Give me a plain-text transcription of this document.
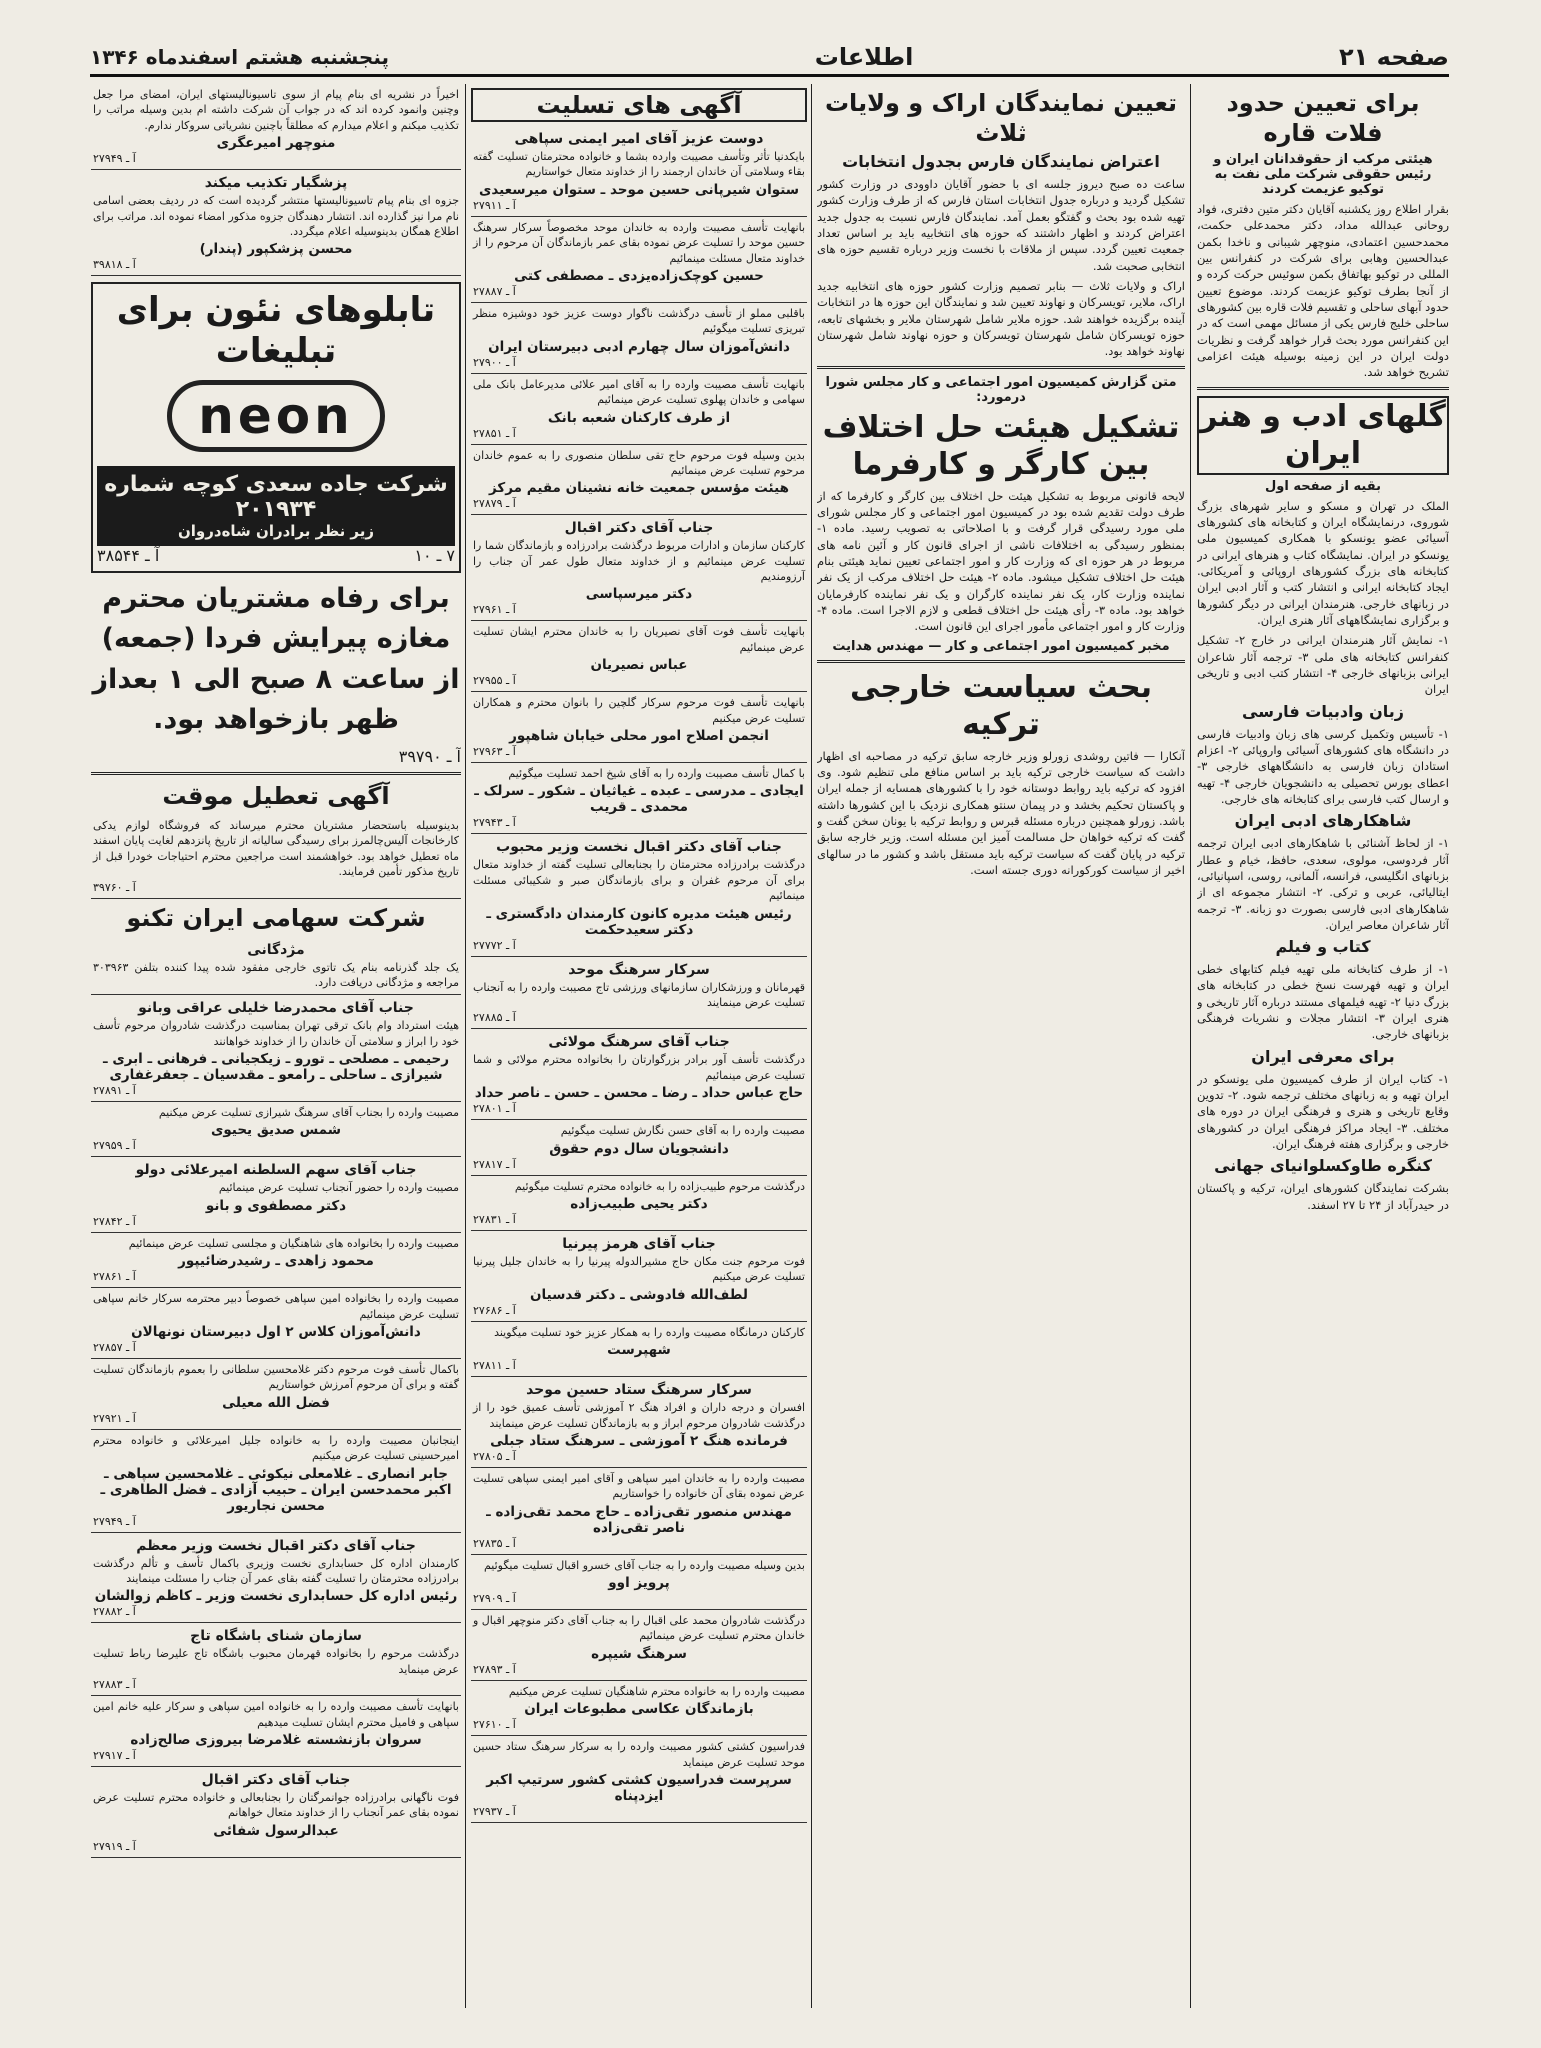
صفحه ۲۱
اطلاعات
پنجشنبه هشتم اسفندماه ۱۳۴۶
برای تعیین حدود فلات قاره
هیئتی مرکب از حقوقدانان ایران و رئیس حقوقی شرکت ملی نفت به توکیو عزیمت کردند

بقرار اطلاع روز یکشنبه آقایان دکتر متین دفتری، فواد روحانی عبدالله مداد، دکتر محمدعلی حکمت، محمدحسین اعتمادی، منوچهر شیبانی و ناخدا بکمن عبدالحسین وهابی برای شرکت در کنفرانس بین المللی در توکیو بهاتفاق بکمن سوئیس حرکت کرده و از آنجا بطرف توکیو عزیمت کردند. موضوع تعیین حدود آبهای ساحلی و تقسیم فلات قاره بین کشورهای ساحلی خلیج فارس یکی از مسائل مهمی است که در این کنفرانس مورد بحث قرار خواهد گرفت و نظریات دولت ایران در این زمینه بوسیله هیئت اعزامی تشریح خواهد شد.

گلهای ادب و هنر ایران
بقیه از صفحه اول

الملک در تهران و مسکو و سایر شهرهای بزرگ شوروی، درنمایشگاه ایران و کتابخانه های کشورهای آسیائی عضو یونسکو با همکاری کمیسیون ملی یونسکو در ایران. نمایشگاه کتاب و هنرهای ایرانی در کتابخانه های بزرگ کشورهای اروپائی و آمریکائی. ایجاد کتابخانه ایرانی و انتشار کتب و آثار ادبی ایران در زبانهای خارجی. هنرمندان ایرانی در دیگر کشورها و برگزاری نمایشگاههای آثار هنری ایران.

۱- نمایش آثار هنرمندان ایرانی در خارج ۲- تشکیل کنفرانس کتابخانه های ملی ۳- ترجمه آثار شاعران ایرانی بزبانهای خارجی ۴- انتشار کتب ادبی و تاریخی ایران

زبان وادبیات فارسی

۱- تأسیس وتکمیل کرسی های زبان وادبیات فارسی در دانشگاه های کشورهای آسیائی واروپائی ۲- اعزام استادان زبان فارسی به دانشگاههای خارجی ۳- اعطای بورس تحصیلی به دانشجویان خارجی ۴- تهیه و ارسال کتب فارسی برای کتابخانه های خارجی.

شاهکارهای ادبی ایران

۱- از لحاظ آشنائی با شاهکارهای ادبی ایران ترجمه آثار فردوسی، مولوی، سعدی، حافظ، خیام و عطار بزبانهای انگلیسی، فرانسه، آلمانی، روسی، اسپانیائی، ایتالیائی، عربی و ترکی. ۲- انتشار مجموعه ای از شاهکارهای ادبی فارسی بصورت دو زبانه. ۳- ترجمه آثار شاعران معاصر ایران.

کتاب و فیلم

۱- از طرف کتابخانه ملی تهیه فیلم کتابهای خطی ایران و تهیه فهرست نسخ خطی در کتابخانه های بزرگ دنیا ۲- تهیه فیلمهای مستند درباره آثار تاریخی و هنری ایران ۳- انتشار مجلات و نشریات فرهنگی بزبانهای خارجی.

برای معرفی ایران

۱- کتاب ایران از طرف کمیسیون ملی یونسکو در ایران تهیه و به زبانهای مختلف ترجمه شود. ۲- تدوین وقایع تاریخی و هنری و فرهنگی ایران در دوره های مختلف. ۳- ایجاد مراکز فرهنگی ایران در کشورهای خارجی و برگزاری هفته فرهنگ ایران.

کنگره طاوکسلوانیای جهانی

بشرکت نمایندگان کشورهای ایران، ترکیه و پاکستان در حیدرآباد از ۲۴ تا ۲۷ اسفند.

تعیین نمایندگان اراک و ولایات ثلاث
اعتراض نمایندگان فارس بجدول انتخابات

ساعت ده صبح دیروز جلسه ای با حضور آقایان داوودی در وزارت کشور تشکیل گردید و درباره جدول انتخابات استان فارس که از طرف وزارت کشور تهیه شده بود بحث و گفتگو بعمل آمد. نمایندگان فارس نسبت به جدول جدید اعتراض کردند و اظهار داشتند که حوزه های انتخابیه باید بر اساس تعداد جمعیت تعیین گردد. سپس از ملاقات با نخست وزیر درباره تقسیم حوزه های انتخابی صحبت شد.

اراک و ولایات ثلاث — بنابر تصمیم وزارت کشور حوزه های انتخابیه جدید اراک، ملایر، تویسرکان و نهاوند تعیین شد و نمایندگان این حوزه ها در انتخابات آینده برگزیده خواهند شد. حوزه ملایر شامل شهرستان ملایر و بخشهای تابعه، حوزه تویسرکان شامل شهرستان تویسرکان و حوزه نهاوند شامل شهرستان نهاوند خواهد بود.

متن گزارش کمیسیون امور اجتماعی و کار مجلس شورا درمورد:
تشکیل هیئت حل اختلاف بین کارگر و کارفرما

لایحه قانونی مربوط به تشکیل هیئت حل اختلاف بین کارگر و کارفرما که از طرف دولت تقدیم شده بود در کمیسیون امور اجتماعی و کار مجلس شورای ملی مورد رسیدگی قرار گرفت و با اصلاحاتی به تصویب رسید. ماده ۱- بمنظور رسیدگی به اختلافات ناشی از اجرای قانون کار و آئین نامه های مربوط در هر حوزه ای که وزارت کار و امور اجتماعی تعیین نماید هیئتی بنام هیئت حل اختلاف تشکیل میشود. ماده ۲- هیئت حل اختلاف مرکب از یک نفر نماینده وزارت کار، یک نفر نماینده کارگران و یک نفر نماینده کارفرمایان خواهد بود. ماده ۳- رأی هیئت حل اختلاف قطعی و لازم الاجرا است. ماده ۴- وزارت کار و امور اجتماعی مأمور اجرای این قانون است.

مخبر کمیسیون امور اجتماعی و کار — مهندس هدایت
بحث سیاست خارجی ترکیه

آنکارا — فاتین روشدی زورلو وزیر خارجه سابق ترکیه در مصاحبه ای اظهار داشت که سیاست خارجی ترکیه باید بر اساس منافع ملی تنظیم شود. وی افزود که ترکیه باید روابط دوستانه خود را با کشورهای همسایه از جمله ایران و پاکستان تحکیم بخشد و در پیمان سنتو همکاری نزدیک با این کشورها داشته باشد. زورلو همچنین درباره مسئله قبرس و روابط ترکیه با یونان سخن گفت و گفت که ترکیه خواهان حل مسالمت آمیز این مسئله است. وزیر خارجه سابق ترکیه در پایان گفت که سیاست ترکیه باید مستقل باشد و کشور ما در سالهای اخیر از سیاست کورکورانه دوری جسته است.

آگهی های تسلیت
دوست عزیز آقای امیر ایمنی سپاهی
بایکدنیا تأثر وتأسف مصیبت وارده بشما و خانواده محترمتان تسلیت گفته بقاء وسلامتی آن خاندان ارجمند را از خداوند متعال خواستاریم
ستوان شیرپانی‌ حسین موحد ـ ستوان میرسعیدی
آ ـ ۲۷۹۱۱
بانهایت تأسف مصیبت وارده به خاندان موحد مخصوصاً سرکار سرهنگ حسین موحد را تسلیت عرض نموده بقای عمر بازماندگان آن مرحوم را از خداوند متعال مسئلت مینمائیم
حسین کوچک‌زاده‌یزدی ـ مصطفی کتی
آ ـ ۲۷۸۸۷
باقلبی مملو از تأسف درگذشت ناگوار دوست عزیز خود دوشیزه منظر تبریزی تسلیت میگوئیم
دانش‌آموزان سال چهارم ادبی دبیرستان ایران
آ ـ ۲۷۹۰۰
بانهایت تأسف مصیبت وارده را به آقای امیر علائی مدیرعامل بانک ملی سهامی و خاندان پهلوی تسلیت عرض مینمائیم
از طرف کارکنان شعبه بانک
آ ـ ۲۷۸۵۱
بدین وسیله فوت مرحوم حاج تقی سلطان منصوری را به عموم خاندان مرحوم تسلیت عرض مینمائیم
هیئت مؤسس جمعیت خانه نشینان مقیم مرکز
آ ـ ۲۷۸۷۹
جناب آقای دکتر اقبال
کارکنان سازمان و ادارات مربوط درگذشت برادرزاده و بازماندگان شما را تسلیت عرض مینمائیم و از خداوند متعال طول عمر آن جناب را آرزومندیم
دکتر میرسپاسی
آ ـ ۲۷۹۶۱
بانهایت تأسف فوت آقای نصیریان را به خاندان محترم ایشان تسلیت عرض مینمائیم
عباس نصیریان
آ ـ ۲۷۹۵۵
بانهایت تأسف فوت مرحوم سرکار گلچین را بانوان محترم و همکاران تسلیت عرض میکنیم
انجمن اصلاح امور محلی خیابان شاهپور
آ ـ ۲۷۹۶۳
با کمال تأسف مصیبت وارده را به آقای شیخ احمد تسلیت میگوئیم
ایجادی ـ مدرسی ـ عبده ـ غیاثیان ـ شکور ـ سرلک ـ محمدی ـ قریب
آ ـ ۲۷۹۴۳
جناب آقای دکتر اقبال نخست وزیر محبوب
درگذشت برادرزاده محترمتان را بجنابعالی تسلیت گفته از خداوند متعال برای آن مرحوم غفران و برای بازماندگان صبر و شکیبائی مسئلت مینمائیم
رئیس هیئت مدیره کانون کارمندان دادگستری ـ دکتر سعیدحکمت
آ ـ ۲۷۷۷۲
سرکار سرهنگ موحد
قهرمانان و ورزشکاران سازمانهای ورزشی تاج مصیبت وارده را به آنجناب تسلیت عرض مینمایند
آ ـ ۲۷۸۸۵
جناب آقای سرهنگ مولائی
درگذشت تأسف آور برادر بزرگوارتان را بخانواده محترم مولائی و شما تسلیت عرض مینمائیم
حاج عباس حداد ـ رضا ـ محسن ـ حسن ـ ناصر حداد
آ ـ ۲۷۸۰۱
مصیبت وارده را به آقای حسن نگارش تسلیت میگوئیم
دانشجویان سال دوم حقوق
آ ـ ۲۷۸۱۷
درگذشت مرحوم طبیب‌زاده را به خانواده محترم تسلیت میگوئیم
دکتر یحیی طبیب‌زاده
آ ـ ۲۷۸۳۱
جناب آقای هرمز پیرنیا
فوت مرحوم جنت مکان حاج مشیرالدوله پیرنیا را به خاندان جلیل پیرنیا تسلیت عرض میکنیم
لطف‌الله فادوشی ـ دکتر قدسیان
آ ـ ۲۷۶۸۶
کارکنان درمانگاه مصیبت وارده را به همکار عزیز خود تسلیت میگویند
شهپرست
آ ـ ۲۷۸۱۱
سرکار سرهنگ ستاد حسین موحد
افسران و درجه داران و افراد هنگ ۲ آموزشی تأسف عمیق خود را از درگذشت شادروان مرحوم ابراز و به بازماندگان تسلیت عرض مینمایند
فرمانده هنگ ۲ آموزشی ـ سرهنگ ستاد جبلی
آ ـ ۲۷۸۰۵
مصیبت وارده را به خاندان امیر سپاهی و آقای امیر ایمنی سپاهی تسلیت عرض نموده بقای آن خانواده را خواستاریم
مهندس منصور تقی‌زاده ـ حاج محمد تقی‌زاده ـ ناصر تقی‌زاده
آ ـ ۲۷۸۳۵
بدین وسیله مصیبت وارده را به جناب آقای خسرو اقبال تسلیت میگوئیم
پرویز اوو
آ ـ ۲۷۹۰۹
درگذشت شادروان محمد علی اقبال را به جناب آقای دکتر منوچهر اقبال و خاندان محترم تسلیت عرض مینمائیم
سرهنگ شیپره
آ ـ ۲۷۸۹۳
مصیبت وارده را به خانواده محترم شاهنگیان تسلیت عرض میکنیم
بازماندگان عکاسی مطبوعات ایران
آ ـ ۲۷۶۱۰
فدراسیون کشتی کشور مصیبت وارده را به سرکار سرهنگ ستاد حسین موحد تسلیت عرض مینماید
سرپرست فدراسیون کشتی کشور سرتیپ اکبر ایزدپناه
آ ـ ۲۷۹۳۷
اخیراً در نشریه ای بنام پیام از سوی تاسیونالیستهای ایران، امضای مرا جعل وچنین وانمود کرده اند که در جواب آن شرکت داشته ام بدین وسیله مراتب را تکذیب میکنم و اعلام میدارم که مطلقاً باچنین نشریاتی سروکار ندارم.
منوچهر امیرعگری
آ ـ ۲۷۹۴۹
پزشگیار تکذیب میکند
جزوه ای بنام پیام تاسیونالیستها منتشر گردیده است که در ردیف بعضی اسامی نام مرا نیز گذارده اند. انتشار دهندگان جزوه مذکور امضاء نموده اند. مراتب برای اطلاع همگان بدینوسیله اعلام میگردد.
محسن پزشکپور (پندار)
آ ـ ۳۹۸۱۸
تابلوهای نئون برای تبلیغات
neon
شرکت جاده سعدی کوچه شماره ۲۰۱۹۳۴
زیر نظر برادران شاه‌دروان
۷ ـ ۱۰
آ ـ ۳۸۵۴۴
برای رفاه مشتریان محترم مغازه پیرایش فردا (جمعه) از ساعت ۸ صبح الی ۱ بعداز ظهر بازخواهد بود.
آ ـ ۳۹۷۹۰
آگهی تعطیل موقت
بدینوسیله باستحضار مشتریان محترم میرساند که فروشگاه لوازم یدکی کارخانجات آلیس‌چالمرز برای رسیدگی سالیانه از تاریخ پانزدهم لغایت پایان اسفند ماه تعطیل خواهد بود. خواهشمند است مراجعین محترم احتیاجات خودرا قبل از تاریخ مذکور تأمین فرمایند.
آ ـ ۳۹۷۶۰
شرکت سهامی ایران تکنو
مژدگانی
یک جلد گذرنامه بنام یک تاتوی خارجی مفقود شده پیدا کننده بتلفن ۳۰۳۹۶۳ مراجعه و مژدگانی دریافت دارد.
جناب آقای محمدرضا خلیلی عراقی وبانو
هیئت استرداد وام بانک ترقی تهران بمناسبت درگذشت شادروان مرحوم تأسف خود را ابراز و سلامتی آن خاندان را از خداوند خواهانند
رحیمی ـ مصلحی ـ تورو ـ زیکجیانی ـ فرهانی ـ ابری ـ شیرازی ـ ساحلی ـ رامعو ـ مقدسیان ـ جعفرغفاری
آ ـ ۲۷۸۹۱
مصیبت وارده را بجناب آقای سرهنگ شیرازی تسلیت عرض میکنیم
شمس صدیق یحیوی
آ ـ ۲۷۹۵۹
جناب آقای سهم السلطنه امیرعلائی دولو
مصیبت وارده را حضور آنجناب تسلیت عرض مینمائیم
دکتر مصطفوی و بانو
آ ـ ۲۷۸۴۲
مصیبت وارده را بخانواده های شاهنگیان و مجلسی تسلیت عرض مینمائیم
محمود زاهدی ـ رشیدرضائیپور
آ ـ ۲۷۸۶۱
مصیبت وارده را بخانواده امین سپاهی خصوصاً دبیر محترمه سرکار خانم سپاهی تسلیت عرض مینمائیم
دانش‌آموزان کلاس ۲ اول دبیرستان نونهالان
آ ـ ۲۷۸۵۷
باکمال تأسف فوت مرحوم دکتر غلامحسین سلطانی را بعموم بازماندگان تسلیت گفته و برای آن مرحوم آمرزش خواستاریم
فضل الله معیلی
آ ـ ۲۷۹۲۱
اینجانبان مصیبت وارده را به خانواده جلیل امیرعلائی و خانواده محترم امیرحسینی تسلیت عرض میکنیم
جابر انصاری ـ غلامعلی نیکوئی ـ غلامحسین سپاهی ـ اکبر محمدحسن ایران ـ حبیب آزادی ـ فضل الطاهری ـ محسن نجاریور
آ ـ ۲۷۹۴۹
جناب آقای دکتر اقبال نخست وزیر معظم
کارمندان اداره کل حسابداری نخست وزیری باکمال تأسف و تألم درگذشت برادرزاده محترمتان را تسلیت گفته بقای عمر آن جناب را مسئلت مینمایند
رئیس اداره کل حسابداری نخست وزیر ـ کاظم زوالشان
آ ـ ۲۷۸۸۲
سازمان شنای باشگاه تاج
درگذشت مرحوم را بخانواده قهرمان محبوب باشگاه تاج علیرضا رباط تسلیت عرض مینماید
آ ـ ۲۷۸۸۳
بانهایت تأسف مصیبت وارده را به خانواده امین سپاهی و سرکار علیه خانم امین سپاهی و فامیل محترم ایشان تسلیت میدهیم
سروان بازنشسته غلامرضا بیروزی صالح‌زاده
آ ـ ۲۷۹۱۷
جناب آقای دکتر اقبال
فوت ناگهانی برادرزاده جوانمرگتان را بجنابعالی و خانواده محترم تسلیت عرض نموده بقای عمر آنجناب را از خداوند متعال خواهانم
عبدالرسول شفائی
آ ـ ۲۷۹۱۹
